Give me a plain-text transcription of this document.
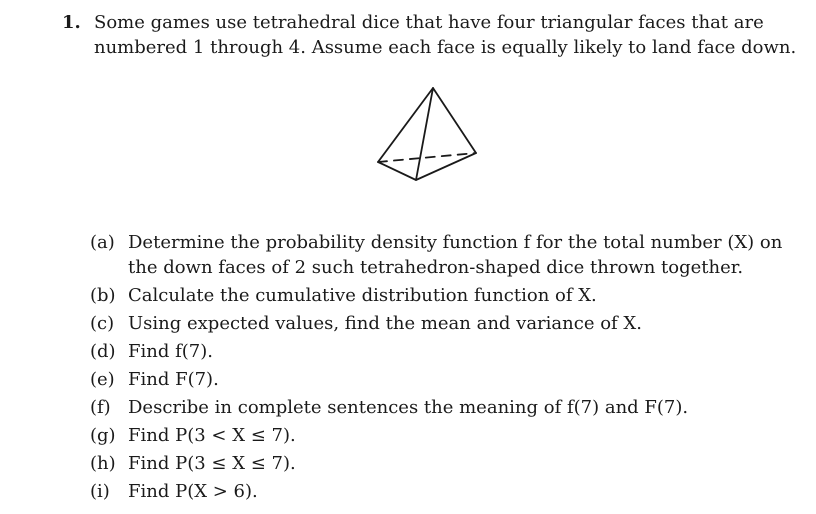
1. Some games use tetrahedral dice that have four triangular faces that are numbered 1 through 4. Assume each face is equally likely to land face down.
(a) Determine the probability density function f for the total number (X) on the down faces of 2 such tetrahedron-shaped dice thrown together.
(b) Calculate the cumulative distribution function of X.
(c) Using expected values, find the mean and variance of X.
(d) Find f(7).
(e) Find F(7).
(f) Describe in complete sentences the meaning of f(7) and F(7).
(g) Find P(3 < X ≤ 7).
(h) Find P(3 ≤ X ≤ 7).
(i)	Find P(X > 6).
